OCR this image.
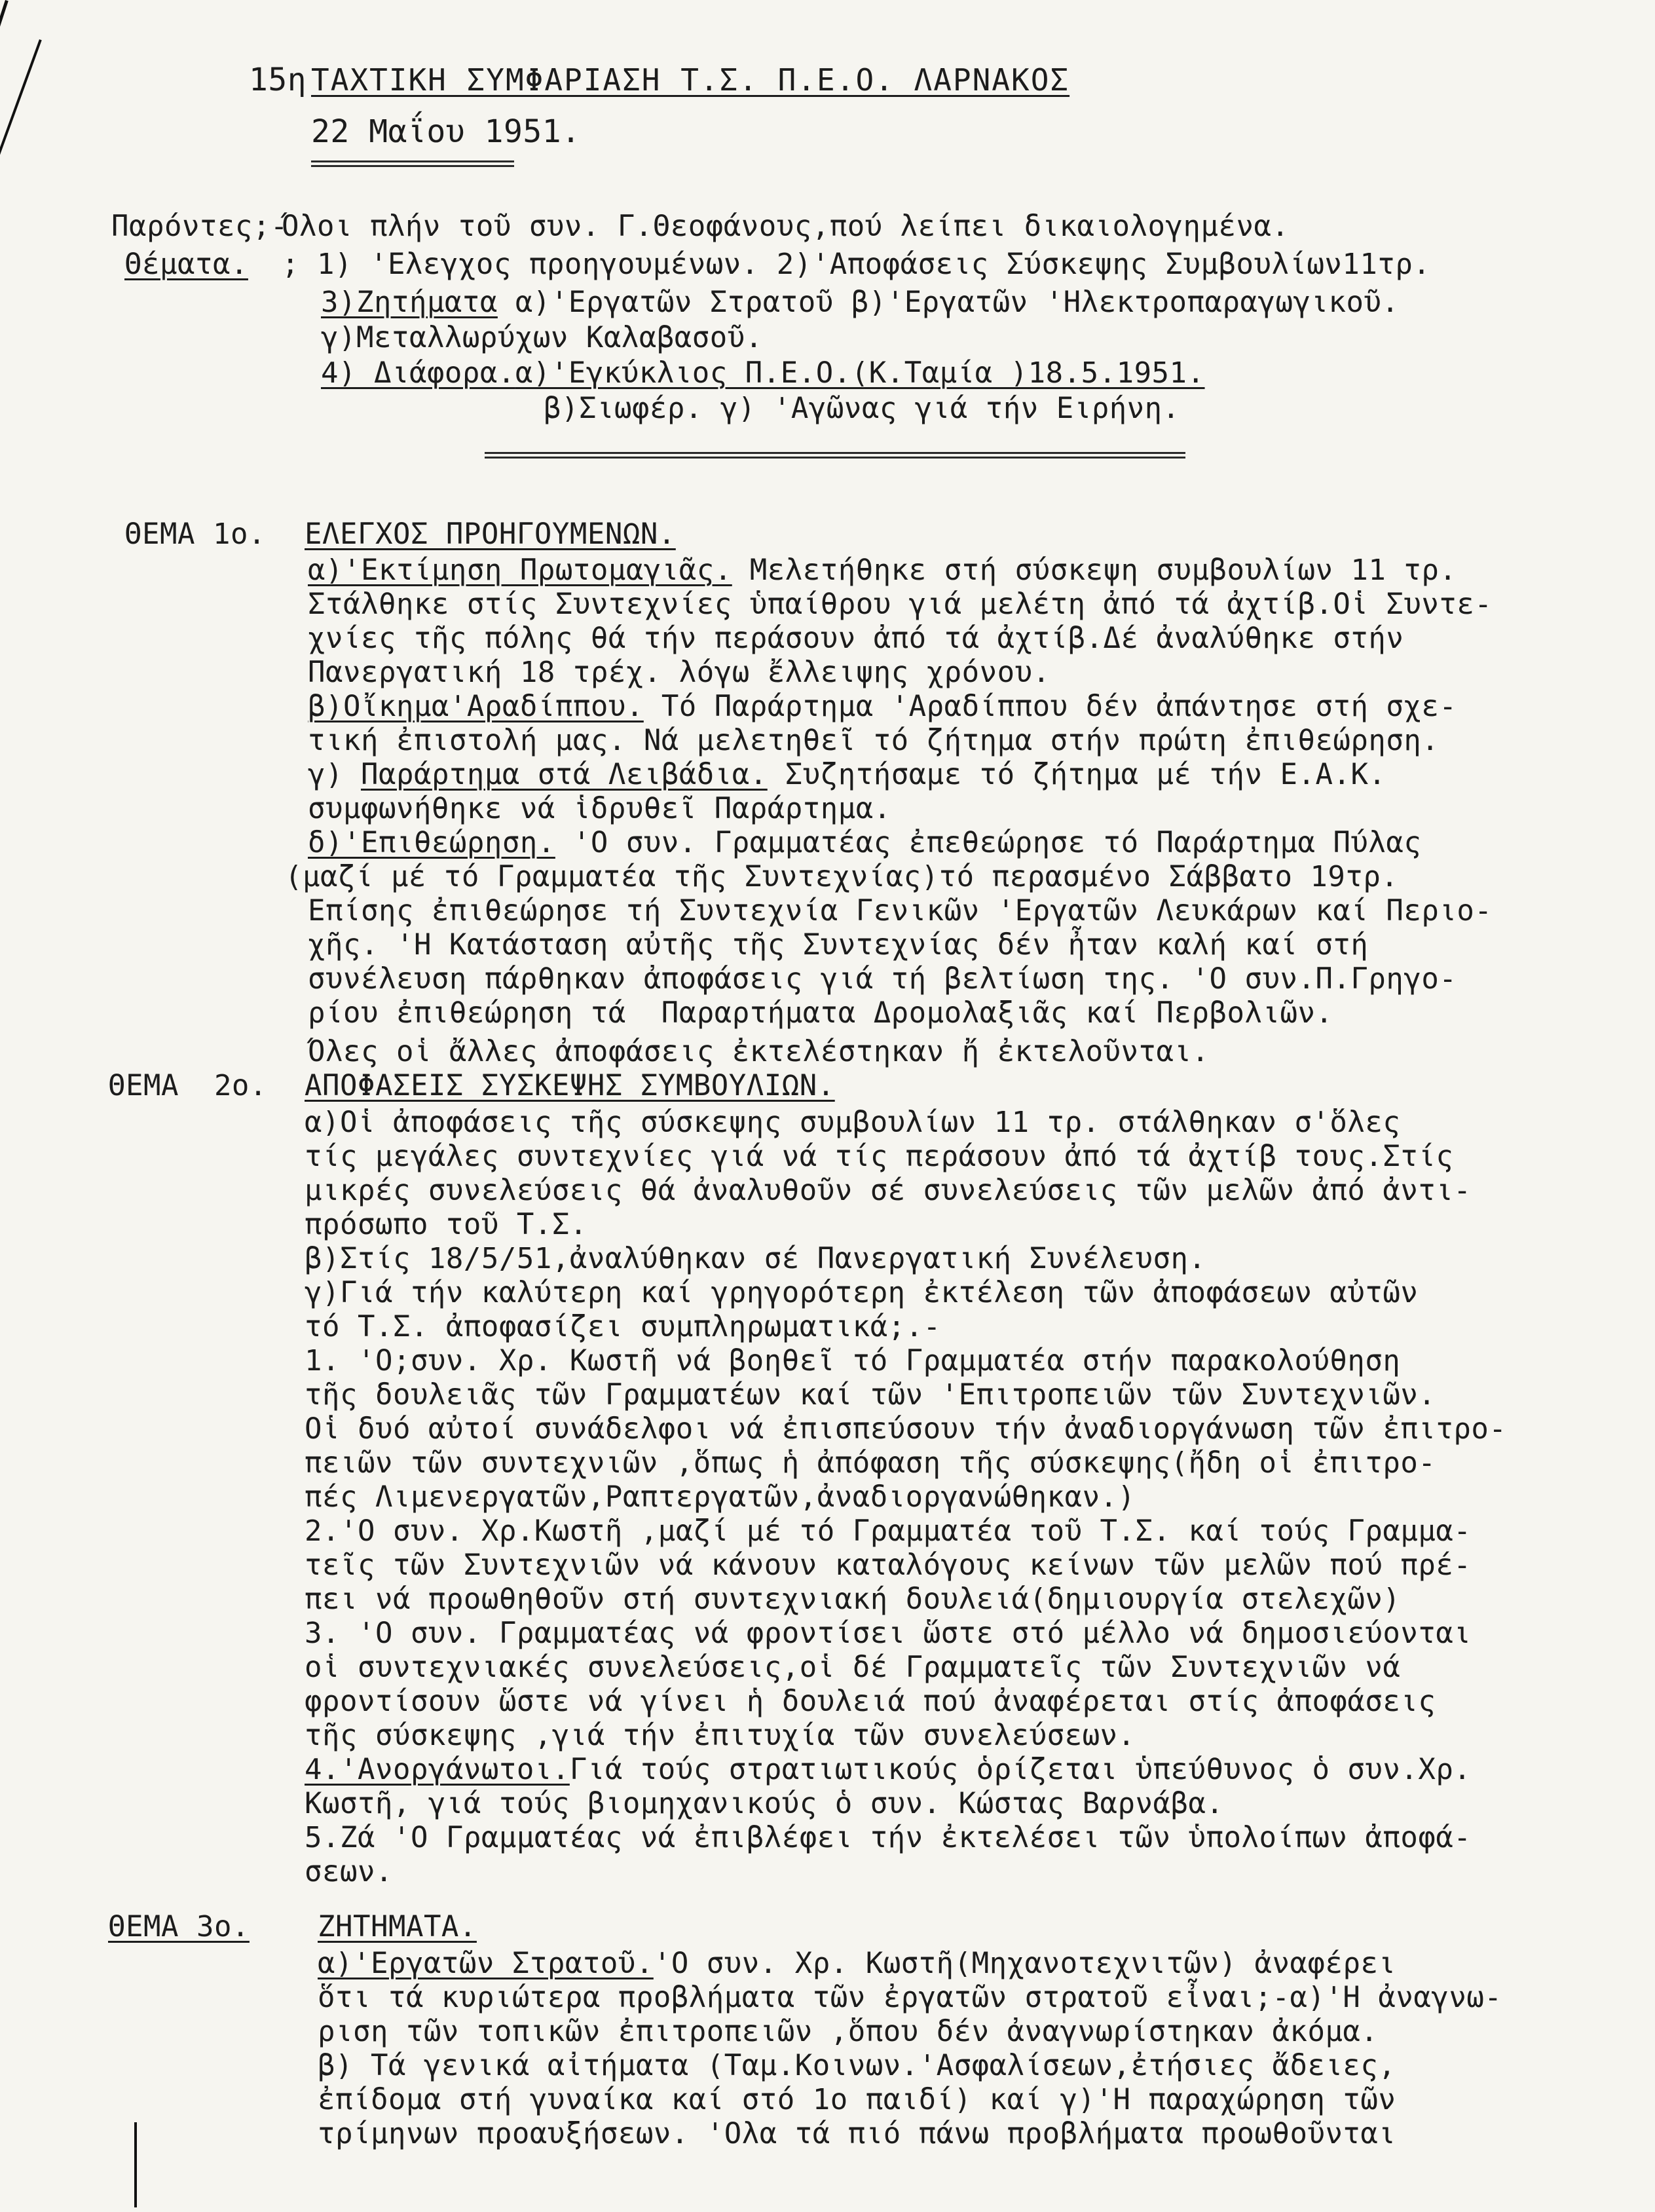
15η ΤΑΧΤΙΚΗ ΣΥΜΦΑΡΙΑΣΗ Τ.Σ. Π.Ε.Ο. ΛΑΡΝΑΚΟΣ
22 Μαΐου 1951.
Παρόντες;-
Όλοι πλήν τοῦ συν. Γ.Θεοφάνους,πού λείπει δικαιολογημένα.
Θέματα. ; 1) 'Ελεγχος προηγουμένων. 2)'Αποφάσεις Σύσκεψης Συμβουλίων11τρ.
3)Ζητήματα α)'Εργατῶν Στρατοῦ β)'Εργατῶν 'Ηλεκτροπαραγωγικοῦ.
γ)Μεταλλωρύχων Καλαβασοῦ.
4) Διάφορα.α)'Εγκύκλιος Π.Ε.Ο.(Κ.Ταμία )18.5.1951.
β)Σιωφέρ. γ) 'Αγῶνας γιά τήν Ειρήνη.
ΘΕΜΑ 1ο. ΕΛΕΓΧΟΣ ΠΡΟΗΓΟΥΜΕΝΩΝ.
α)'Εκτίμηση Πρωτομαγιᾶς. Μελετήθηκε στή σύσκεψη συμβουλίων 11 τρ.
Στάλθηκε στίς Συντεχνίες ὑπαίθρου γιά μελέτη ἀπό τά ἀχτίβ.Οἱ Συντε-
χνίες τῆς πόλης θά τήν περάσουν ἀπό τά ἀχτίβ.Δέ ἀναλύθηκε στήν
Πανεργατική 18 τρέχ. λόγω ἔλλειψης χρόνου.
β)Οἴκημα'Αραδίππου. Τό Παράρτημα 'Αραδίππου δέν ἀπάντησε στή σχε-
τική ἐπιστολή μας. Νά μελετηθεῖ τό ζήτημα στήν πρώτη ἐπιθεώρηση.
γ) Παράρτημα στά Λειβάδια. Συζητήσαμε τό ζήτημα μέ τήν Ε.Α.Κ.
συμφωνήθηκε νά ἱδρυθεῖ Παράρτημα.
δ)'Επιθεώρηση. 'Ο συν. Γραμματέας ἐπεθεώρησε τό Παράρτημα Πύλας
(μαζί μέ τό Γραμματέα τῆς Συντεχνίας)τό περασμένο Σάββατο 19τρ.
Επίσης ἐπιθεώρησε τή Συντεχνία Γενικῶν 'Εργατῶν Λευκάρων καί Περιο-
χῆς. 'Η Κατάσταση αὐτῆς τῆς Συντεχνίας δέν ἦταν καλή καί στή
συνέλευση πάρθηκαν ἀποφάσεις γιά τή βελτίωση της. 'Ο συν.Π.Γρηγο-
ρίου ἐπιθεώρηση τά  Παραρτήματα Δρομολαξιᾶς καί Περβολιῶν.
Όλες οἱ ἄλλες ἀποφάσεις ἐκτελέστηκαν ἤ ἐκτελοῦνται.
ΘΕΜΑ  2ο. ΑΠΟΦΑΣΕΙΣ ΣΥΣΚΕΨΗΣ ΣΥΜΒΟΥΛΙΩΝ.
α)Οἱ ἀποφάσεις τῆς σύσκεψης συμβουλίων 11 τρ. στάλθηκαν σ'ὅλες
τίς μεγάλες συντεχνίες γιά νά τίς περάσουν ἀπό τά ἀχτίβ τους.Στίς
μικρές συνελεύσεις θά ἀναλυθοῦν σέ συνελεύσεις τῶν μελῶν ἀπό ἀντι-
πρόσωπο τοῦ Τ.Σ.
β)Στίς 18/5/51,ἀναλύθηκαν σέ Πανεργατική Συνέλευση.
γ)Γιά τήν καλύτερη καί γρηγορότερη ἐκτέλεση τῶν ἀποφάσεων αὐτῶν
τό Τ.Σ. ἀποφασίζει συμπληρωματικά;.-
1. 'Ο;συν. Χρ. Κωστῆ νά βοηθεῖ τό Γραμματέα στήν παρακολούθηση
τῆς δουλειᾶς τῶν Γραμματέων καί τῶν 'Επιτροπειῶν τῶν Συντεχνιῶν.
Οἱ δυό αὐτοί συνάδελφοι νά ἐπισπεύσουν τήν ἀναδιοργάνωση τῶν ἐπιτρο-
πειῶν τῶν συντεχνιῶν ,ὅπως ἡ ἀπόφαση τῆς σύσκεψης(ἤδη οἱ ἐπιτρο-
πές Λιμενεργατῶν,Ραπτεργατῶν,ἀναδιοργανώθηκαν.)
2.'Ο συν. Χρ.Κωστῆ ,μαζί μέ τό Γραμματέα τοῦ Τ.Σ. καί τούς Γραμμα-
τεῖς τῶν Συντεχνιῶν νά κάνουν καταλόγους κείνων τῶν μελῶν πού πρέ-
πει νά προωθηθοῦν στή συντεχνιακή δουλειά(δημιουργία στελεχῶν)
3. 'Ο συν. Γραμματέας νά φροντίσει ὥστε στό μέλλο νά δημοσιεύονται
οἱ συντεχνιακές συνελεύσεις,οἱ δέ Γραμματεῖς τῶν Συντεχνιῶν νά
φροντίσουν ὥστε νά γίνει ἡ δουλειά πού ἀναφέρεται στίς ἀποφάσεις
τῆς σύσκεψης ,γιά τήν ἐπιτυχία τῶν συνελεύσεων.
4.'Ανοργάνωτοι.Γιά τούς στρατιωτικούς ὁρίζεται ὑπεύθυνος ὁ συν.Χρ.
Κωστῆ, γιά τούς βιομηχανικούς ὁ συν. Κώστας Βαρνάβα.
5.Ζά 'Ο Γραμματέας νά ἐπιβλέφει τήν ἐκτελέσει τῶν ὑπολοίπων ἀποφά-
σεων.
ΘΕΜΑ 3ο. ΖΗΤΗΜΑΤΑ.
α)'Εργατῶν Στρατοῦ.'Ο συν. Χρ. Κωστῆ(Μηχανοτεχνιτῶν) ἀναφέρει
ὅτι τά κυριώτερα προβλήματα τῶν ἐργατῶν στρατοῦ εἶναι;-α)'Η ἀναγνω-
ριση τῶν τοπικῶν ἐπιτροπειῶν ,ὅπου δέν ἀναγνωρίστηκαν ἀκόμα.
β) Τά γενικά αἰτήματα (Ταμ.Κοινων.'Ασφαλίσεων,ἐτήσιες ἄδειες,
ἐπίδομα στή γυναίκα καί στό 1ο παιδί) καί γ)'Η παραχώρηση τῶν
τρίμηνων προαυξήσεων. 'Ολα τά πιό πάνω προβλήματα προωθοῦνται
